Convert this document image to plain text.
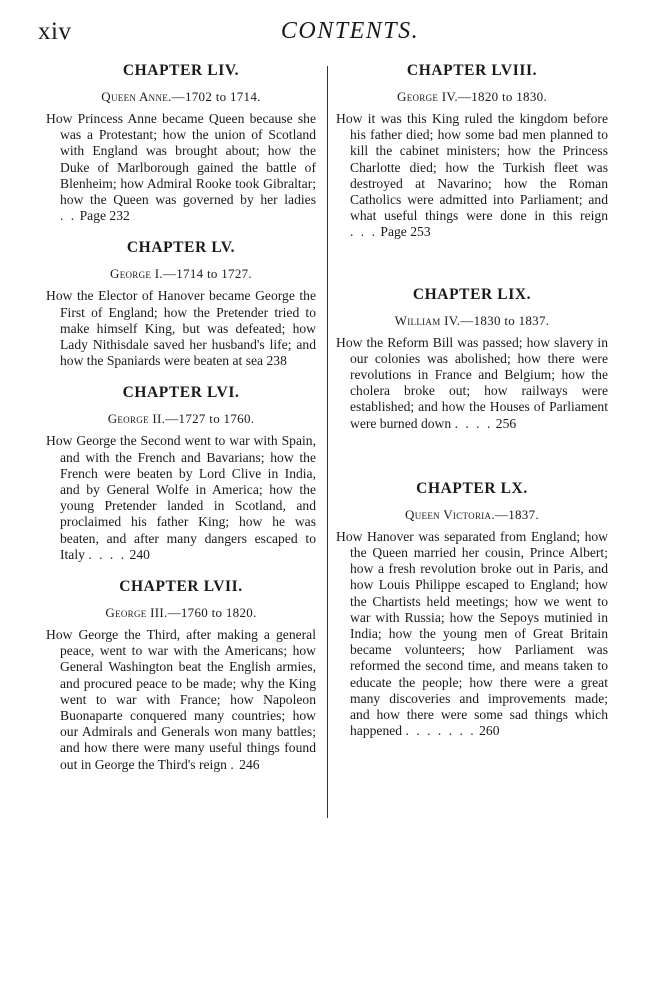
xiv	CONTENTS.
CHAPTER LIV.
Queen Anne.—1702 to 1714.
How Princess Anne became Queen because she was a Protestant; how the union of Scotland with England was brought about; how the Duke of Marlborough gained the battle of Blenheim; how Admiral Rooke took Gibraltar; how the Queen was governed by her ladies . . Page 232
CHAPTER LV.
George I.—1714 to 1727.
How the Elector of Hanover became George the First of England; how the Pretender tried to make himself King, but was defeated; how Lady Nithisdale saved her husband's life; and how the Spaniards were beaten at sea 238
CHAPTER LVI.
George II.—1727 to 1760.
How George the Second went to war with Spain, and with the French and Bavarians; how the French were beaten by Lord Clive in India, and by General Wolfe in America; how the young Pretender landed in Scotland, and proclaimed his father King; how he was beaten, and after many dangers escaped to Italy . . . . 240
CHAPTER LVII.
George III.—1760 to 1820.
How George the Third, after making a general peace, went to war with the Americans; how General Washington beat the English armies, and procured peace to be made; why the King went to war with France; how Napoleon Buonaparte conquered many countries; how our Admirals and Generals won many battles; and how there were many useful things found out in George the Third's reign . 246
CHAPTER LVIII.
George IV.—1820 to 1830.
How it was this King ruled the kingdom before his father died; how some bad men planned to kill the cabinet ministers; how the Princess Charlotte died; how the Turkish fleet was destroyed at Navarino; how the Roman Catholics were admitted into Parliament; and what useful things were done in this reign . . . Page 253
CHAPTER LIX.
William IV.—1830 to 1837.
How the Reform Bill was passed; how slavery in our colonies was abolished; how there were revolutions in France and Belgium; how the cholera broke out; how railways were established; and how the Houses of Parliament were burned down . . . . 256
CHAPTER LX.
Queen Victoria.—1837.
How Hanover was separated from England; how the Queen married her cousin, Prince Albert; how a fresh revolution broke out in Paris, and how Louis Philippe escaped to England; how the Chartists held meetings; how we went to war with Russia; how the Sepoys mutinied in India; how the young men of Great Britain became volunteers; how Parliament was reformed the second time, and means taken to educate the people; how there were a great many discoveries and improvements made; and how there were some sad things which happened . . . . . . . 260
